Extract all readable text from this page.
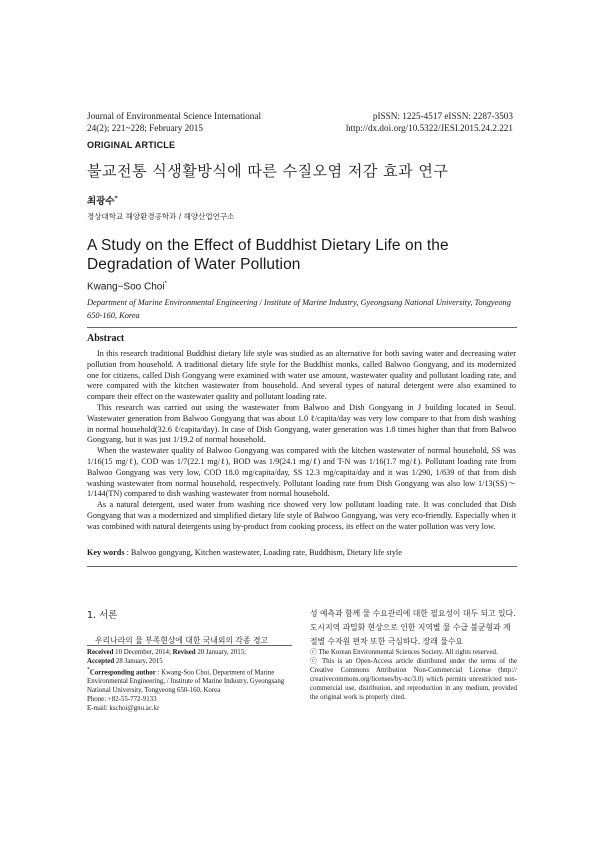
Journal of Environmental Science International
24(2); 221~228; February 2015
pISSN: 1225-4517 eISSN: 2287-3503
http://dx.doi.org/10.5322/JESI.2015.24.2.221
ORIGINAL ARTICLE
불교전통 식생활방식에 따른 수질오염 저감 효과 연구
최광수*
경상대학교 해양환경공학과 / 해양산업연구소
A Study on the Effect of Buddhist Dietary Life on the Degradation of Water Pollution
Kwang−Soo Choi*
Department of Marine Environmental Engineering / Institute of Marine Industry, Gyeongsang National University, Tongyeong 650-160, Korea
Abstract

In this research traditional Buddhist dietary life style was studied as an alternative for both saving water and decreasing water pollution from household. A traditional dietary life style for the Buddhist monks, called Balwoo Gongyang, and its modernized one for citizens, called Dish Gongyang were examined with water use amount, wastewater quality and pollutant loading rate, and were compared with the kitchen wastewater from household. And several types of natural detergent were also examined to compare their effect on the wastewater quality and pollutant loading rate.

This research was carried out using the wastewater from Balwoo and Dish Gongyang in J building located in Seoul. Wastewater generation from Balwoo Gongyang that was about 1.0 ℓ/capita/day was very low compare to that from dish washing in normal household(32.6 ℓ/capita/day). In case of Dish Gongyang, water generation was 1.8 times higher than that from Balwoo Gongyang, but it was just 1/19.2 of normal household.

When the wastewater quality of Balwoo Gongyang was compared with the kitchen wastewater of normal household, SS was 1/16(15 mg/ℓ), COD was 1/7(22.1 mg/ℓ), BOD was 1/9(24.1 mg/ℓ) and T-N was 1/16(1.7 mg/ℓ). Pollutant loading rate from Balwoo Gongyang was very low, COD 18.0 mg/capita/day, SS 12.3 mg/capita/day and it was 1/290, 1/639 of that from dish washing wastewater from normal household, respectively. Pollutant loading rate from Dish Gongyang was also low 1/13(SS)～1/144(TN) compared to dish washing wastewater from normal household.

As a natural detergent, used water from washing rice showed very low pollutant loading rate. It was concluded that Dish Gongyang that was a modernized and simplified dietary life style of Balwoo Gongyang, was very eco-friendly. Especially when it was combined with natural detergents using by-product from cooking process, its effect on the water pollution was very low.

Key words : Balwoo gongyang, Kitchen wastewater, Loading rate, Buddhism, Dietary life style
1. 서론
우리나라의 물 부족현상에 대한 국내외의 각종 경고
성 예측과 함께 물 수요관리에 대한 필요성이 대두 되고 있다. 도시지역 과밀화 현상으로 인한 지역별 물 수급 불균형과 계절별 수자원 편차 또한 극심하다. 장래 물수요
Received 10 December, 2014; Revised 20 January, 2015;
Accepted 28 January, 2015
*Corresponding author : Kwang-Soo Choi, Department of Marine Environmental Engineering, / Institute of Marine Industry, Gyeongsang National University, Tongyeong 650-160, Korea
Phone: +82-55-772-9133
E-mail: kschoi@gnu.ac.kr
ⓒ The Korean Environmental Sciences Society. All rights reserved.
ⓒ This is an Open-Access article distributed under the terms of the Creative Commons Attribution Non-Commercial License (http:// creativecommons.org/licenses/by-nc/3.0) which permits unrestricted non-commercial use, distribution, and reproduction in any medium, provided the original work is properly cited.
